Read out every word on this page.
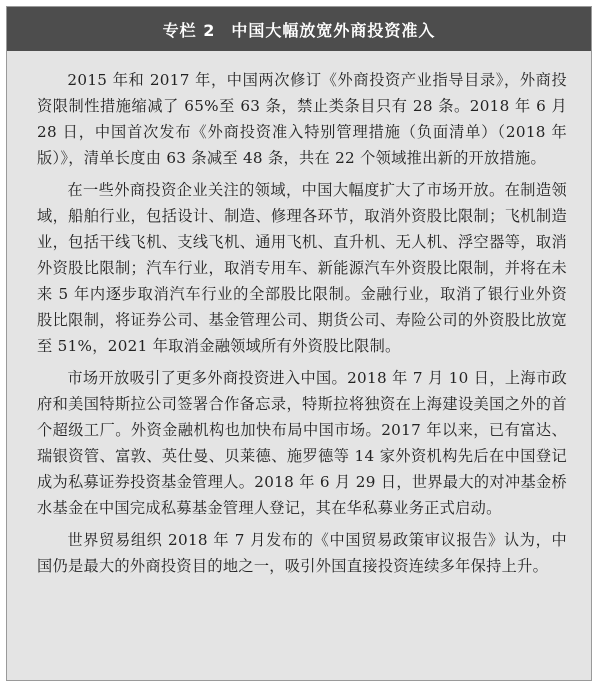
专栏 2 中国大幅放宽外商投资准入

2015 年和 2017 年，中国两次修订《外商投资产业指导目录》，外商投资限制性措施缩减了 65%至 63 条，禁止类条目只有 28 条。2018 年 6 月 28 日，中国首次发布《外商投资准入特别管理措施（负面清单）（2018 年版）》，清单长度由 63 条减至 48 条，共在 22 个领域推出新的开放措施。

在一些外商投资企业关注的领域，中国大幅度扩大了市场开放。在制造领域，船舶行业，包括设计、制造、修理各环节，取消外资股比限制；飞机制造业，包括干线飞机、支线飞机、通用飞机、直升机、无人机、浮空器等，取消外资股比限制；汽车行业，取消专用车、新能源汽车外资股比限制，并将在未来 5 年内逐步取消汽车行业的全部股比限制。金融行业，取消了银行业外资股比限制，将证券公司、基金管理公司、期货公司、寿险公司的外资股比放宽至 51%，2021 年取消金融领域所有外资股比限制。

市场开放吸引了更多外商投资进入中国。2018 年 7 月 10 日，上海市政府和美国特斯拉公司签署合作备忘录，特斯拉将独资在上海建设美国之外的首个超级工厂。外资金融机构也加快布局中国市场。2017 年以来，已有富达、瑞银资管、富敦、英仕曼、贝莱德、施罗德等 14 家外资机构先后在中国登记成为私募证券投资基金管理人。2018 年 6 月 29 日，世界最大的对冲基金桥水基金在中国完成私募基金管理人登记，其在华私募业务正式启动。

世界贸易组织 2018 年 7 月发布的《中国贸易政策审议报告》认为，中国仍是最大的外商投资目的地之一，吸引外国直接投资连续多年保持上升。
